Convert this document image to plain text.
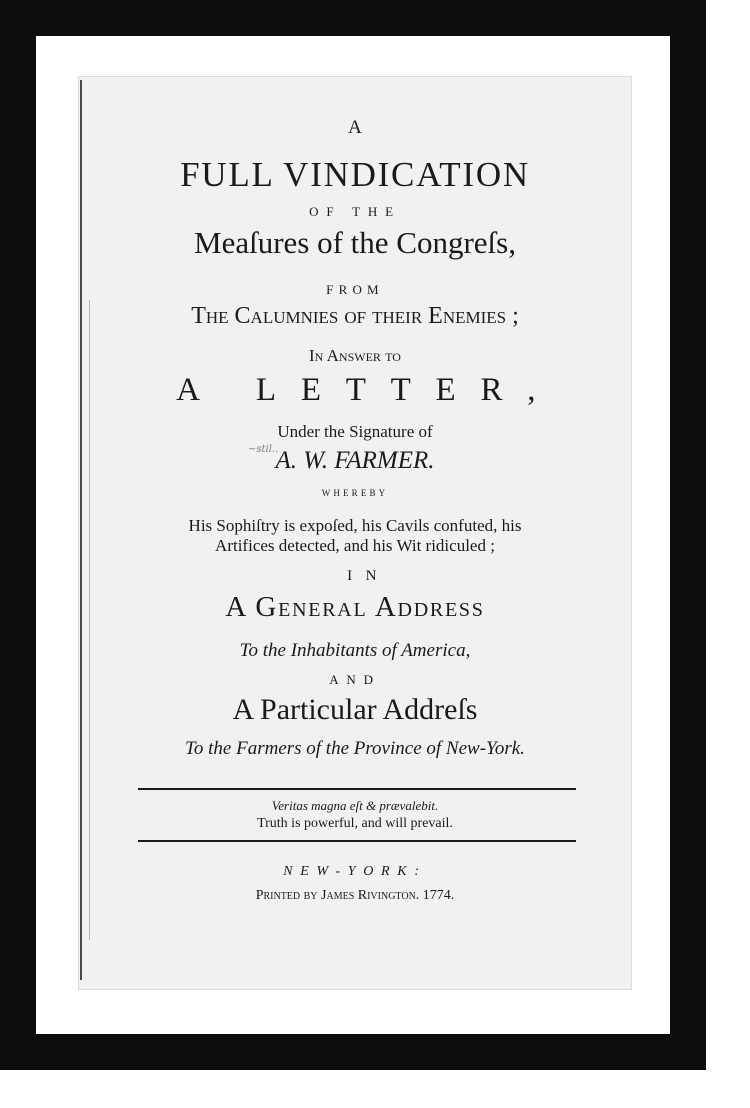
A
FULL VINDICATION
OF THE
Meaſures of the Congreſs,
FROM
The Calumnies of their Enemies ;
In Answer to
A LETTER,
Under the Signature of
A. W. FARMER.
~stil..
WHEREBY
His Sophiſtry is expoſed, his Cavils confuted, his
Artifices detected, and his Wit ridiculed ;
IN
A General Address
To the Inhabitants of America,
AND
A Particular Addreſs
To the Farmers of the Province of New-York.
Veritas magna eſt & prævalebit.
Truth is powerful, and will prevail.
NEW-YORK:
Printed by James Rivington. 1774.
